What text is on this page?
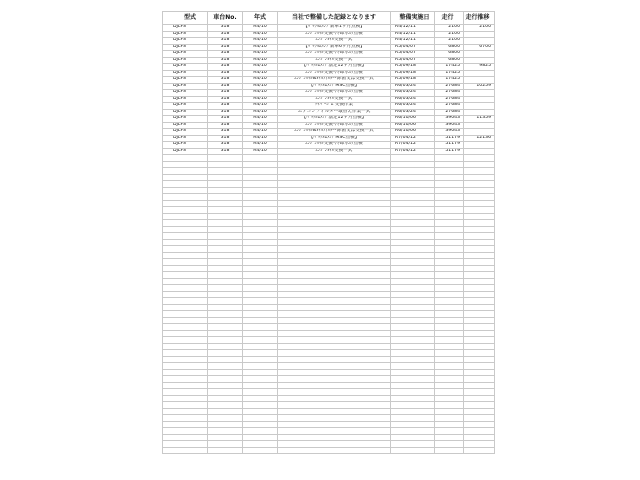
型式	車台No.	年式	当社で整備した記録となります	整備実施日	走行	走行推移
DJLFS	318	R4/10	【ﾊﾞｯｸﾙﾑﾒﾝﾃ 新車1ヶ月点検】	R4/12/11	2100	2100
DJLFS	318	R4/10	ｴﾝｼﾞﾝｵｲﾙ交換･冷却水の点検	R4/12/11	2100	
DJLFS	318	R4/10	ｴﾝｼﾞﾝｵｲﾙ交換一式	R4/12/11	2100	
DJLFS	318	R4/10	【ﾊﾞｯｸﾙﾑﾒﾝﾃ 新車6ヶ月点検】	R5/04/07	6800	6700
DJLFS	318	R4/10	ｴﾝｼﾞﾝｵｲﾙ交換･冷却水の点検	R5/04/07	6800	
DJLFS	318	R4/10	ｴﾝｼﾞﾝｵｲﾙ交換一式	R5/04/07	6800	
DJLFS	318	R4/10	【ﾊﾞｯｸﾙﾑﾒﾝﾃ 法定12ヶ月点検】	R5/09/18	17425	9825
DJLFS	318	R4/10	ｴﾝｼﾞﾝｵｲﾙ交換･冷却水の点検	R5/09/18	17425	
DJLFS	318	R4/10	ｴﾝｼﾞﾝｵｲﾙ&ｵｲﾙﾌｨﾙﾀｰ･除菌又は交換一式	R5/09/18	17425	
DJLFS	318	R4/10	【ﾊﾞｯｸﾙﾑﾒﾝﾃ MSC点検】	R6/03/24	27684	10259
DJLFS	318	R4/10	ｴﾝｼﾞﾝｵｲﾙ交換･冷却水の点検	R6/03/24	27684	
DJLFS	318	R4/10	ｴﾝｼﾞﾝｵｲﾙ交換一式	R6/03/24	27684	
DJLFS	318	R4/10	ﾜｲﾊﾟｰｺﾞﾑ 交換作業	R6/03/24	27684	
DJLFS	318	R4/10	エアコンフィルター取替え作業一式	R6/03/24	27684	
DJLFS	318	R4/10	【ﾊﾞｯｸﾙﾑﾒﾝﾃ 法定12ヶ月点検】	R6/10/06	39043	11359
DJLFS	318	R4/10	ｴﾝｼﾞﾝｵｲﾙ交換･冷却水の点検	R6/10/06	39043	
DJLFS	318	R4/10	ｴﾝｼﾞﾝｵｲﾙ&ｵｲﾙﾌｨﾙﾀｰ･除菌又は交換一式	R6/10/06	39043	
DJLFS	318	R4/10	【ﾊﾞｯｸﾙﾑﾒﾝﾃ MSC点検】	R7/04/12	51179	12136
DJLFS	318	R4/10	ｴﾝｼﾞﾝｵｲﾙ交換･冷却水の点検	R7/04/12	51179	
DJLFS	318	R4/10	ｴﾝｼﾞﾝｵｲﾙ交換一式	R7/04/12	51179	
